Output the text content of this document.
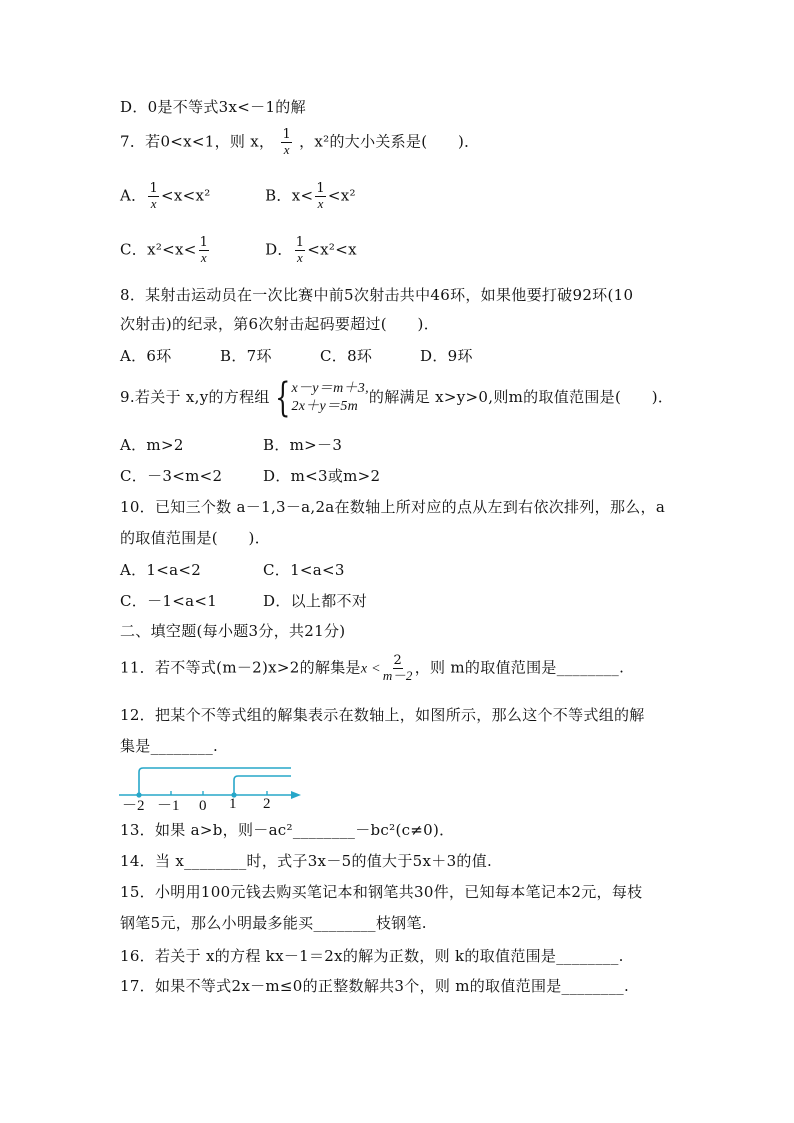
D．0是不等式3x<－1的解
7．若0<x<1，则 x， $\frac{1}{x}$ ，x²的大小关系是(　　)．
A． $\frac{1}{x} <x<x^2$	B．$x< \frac{1}{x} <x^2$
C．$x^2<x< \frac{1}{x}$	D． $\frac{1}{x} <x^2<x$
8．某射击运动员在一次比赛中前5次射击共中46环，如果他要打破92环(10
次射击)的纪录，第6次射击起码要超过(　　)．
A．6环	B．7环	C．8环	D．9环
9.若关于 x,y的方程组 { x－y＝m＋3,
2x＋y＝5m
的解满足 x>y>0,则m的取值范围是(　　)．
A．m>2	B．m>－3
C．－3<m<2	D．m<3或m>2
10．已知三个数 a－1,3－a,2a在数轴上所对应的点从左到右依次排列，那么，a
的取值范围是(　　)．
A．1<a<2	C．1<a<3
C．－1<a<1	D．以上都不对
二、填空题(每小题3分，共21分)
11．若不等式(m－2)x>2的解集是$x < \frac{2}{m-2}$ ，则 m的取值范围是________.
12．把某个不等式组的解集表示在数轴上，如图所示，那么这个不等式组的解
集是________.
－2 －1 0 1 2
13．如果 a>b，则－ac²________－bc²(c≠0)．
14．当 x________时，式子3x－5的值大于5x＋3的值.
15．小明用100元钱去购买笔记本和钢笔共30件，已知每本笔记本2元，每枝
钢笔5元，那么小明最多能买________枝钢笔.
16．若关于 x的方程 kx－1＝2x的解为正数，则 k的取值范围是________.
17．如果不等式2x－m≤0的正整数解共3个，则 m的取值范围是________.
